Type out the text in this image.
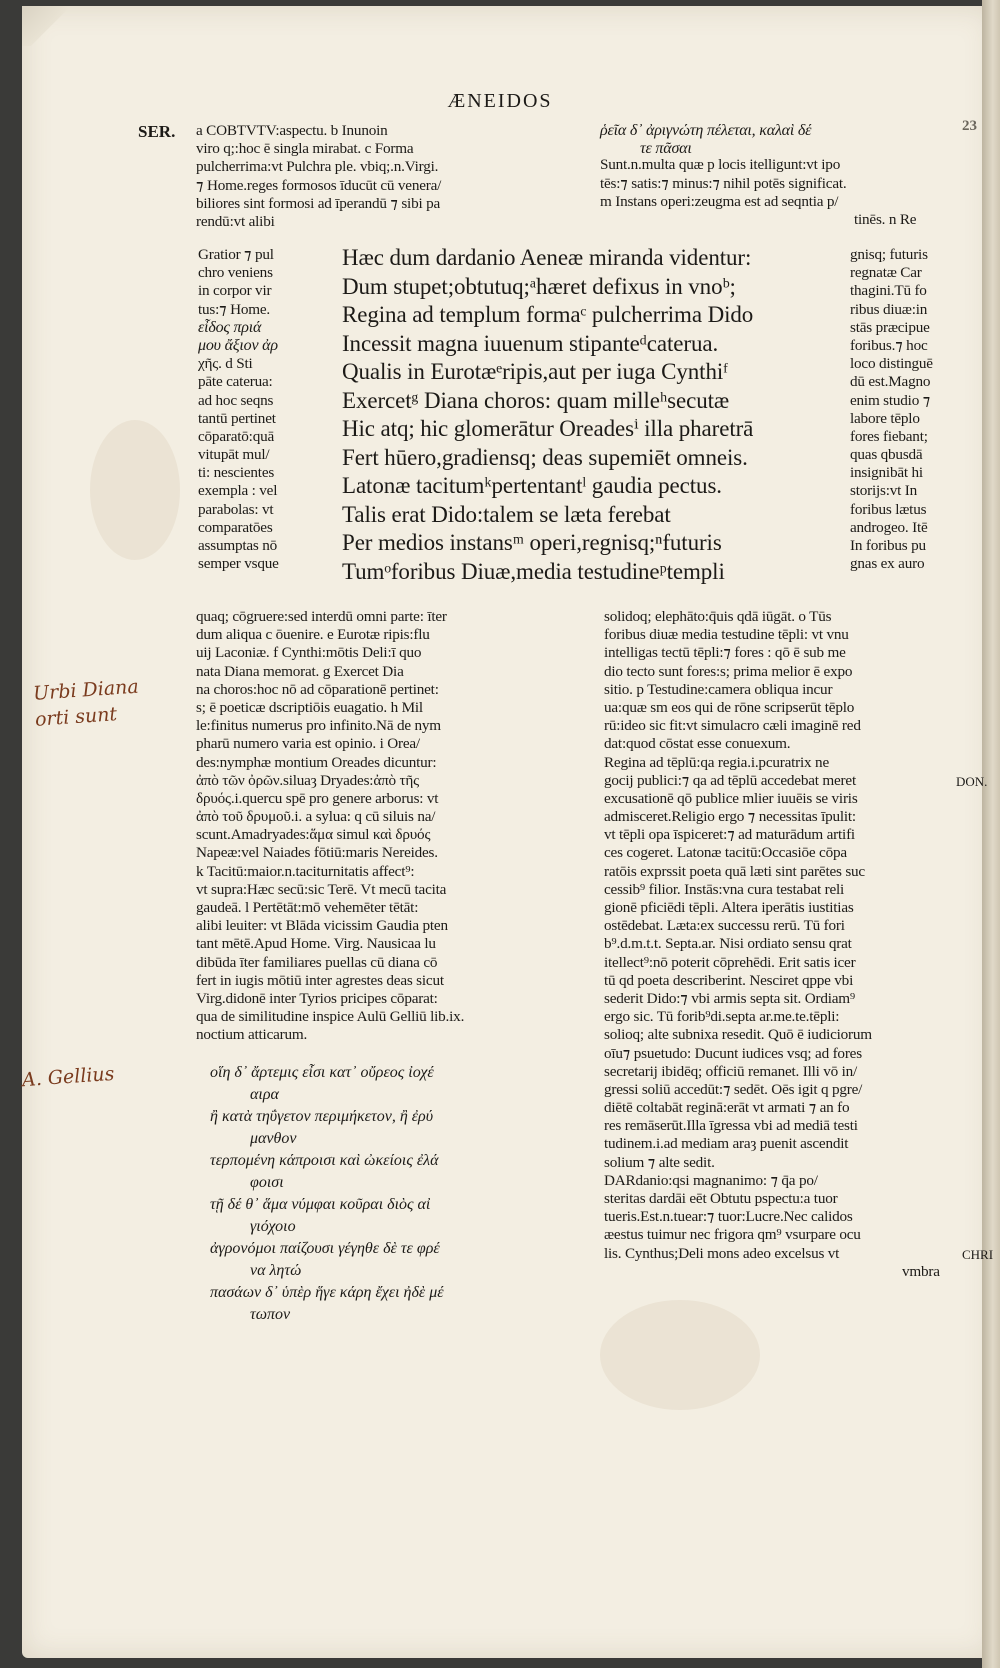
ÆNEIDOS
SER.	23
a COBTVTV:aspectu. b Inunoin
viro q;:hoc ē singla mirabat. c Forma
pulcherrima:vt Pulchra ple. vbiq;.n.Virgi.
⁊ Home.reges formosos īducūt cū venera/
biliores sint formosi ad īperandū ⁊ sibi pa
rendū:vt alibi
ῥεῖα δ᾽ ἀριγνώτη πέλεται, καλαὶ δέ
τε πᾶσαι
Sunt.n.multa quæ p locis itelligunt:vt ipo
tēs:⁊ satis:⁊ minus:⁊ nihil potēs significat.
m Instans operi:zeugma est ad seqntia p/
tinēs. n Re
Gratior ⁊ pul
chro veniens
in corpor vir
tus:⁊ Home.
εἶδος πριά
μου ἄξιον ἀρ
χῆς. d Sti
pāte caterua:
ad hoc seqns
tantū pertinet
cōparatō:quā
vitupāt mul/
ti: nescientes
exempla : vel
parabolas: vt
comparatōes
assumptas nō
semper vsque
Hæc dum dardanio Aeneæ miranda videntur:
Dum stupet;obtutuq;ᵃhæret defixus in vnoᵇ;
Regina ad templum formaᶜ pulcherrima Dido
Incessit magna iuuenum stipanteᵈcaterua.
Qualis in Eurotæᵉripis,aut per iuga Cynthiᶠ
Exercetᵍ Diana choros: quam milleʰsecutæ
Hic atq; hic glomerātur Oreadesⁱ illa pharetrā
Fert hūero,gradiensq; deas supemiēt omneis.
Latonæ tacitumᵏpertentantˡ gaudia pectus.
Talis erat Dido:talem se læta ferebat
Per medios instansᵐ operi,regnisq;ⁿfuturis
Tumᵒforibus Diuæ,media testudineᵖtempli
gnisq; futuris
regnatæ Car
thagini.Tū fo
ribus diuæ:in
stās præcipue
foribus.⁊ hoc
loco distinguē
dū est.Magno
enim studio ⁊
labore tēplo
fores fiebant;
quas qbusdā
insignibāt hi
storijs:vt In
foribus lætus
androgeo. Itē
In foribus pu
gnas ex auro
quaq; cōgruere:sed interdū omni parte: īter
dum aliqua c ōuenire. e Eurotæ ripis:flu
uij Laconiæ. f Cynthi:mōtis Deli:ī quo
nata Diana memorat. g Exercet Dia
na choros:hoc nō ad cōparationē pertinet:
s; ē poeticæ dscriptiōis euagatio. h Mil
le:finitus numerus pro infinito.Nā de nym
pharū numero varia est opinio. i Orea/
des:nymphæ montium Oreades dicuntur:
ἀπὸ τῶν ὀρῶν.siluaȝ Dryades:ἀπὸ τῆς
δρυός.i.quercu spē pro genere arborus: vt
ἀπὸ τοῦ δρυμοῦ.i. a sylua: q cū siluis na/
scunt.Amadryades:ἅμα simul καὶ δρυός
Napeæ:vel Naiades fōtiū:maris Nereides.
k Tacitū:maior.n.taciturnitatis affect⁹:
vt supra:Hæc secū:sic Terē. Vt mecū tacita
gaudeā. l Pertētāt:mō vehemēter tētāt:
alibi leuiter: vt Blāda vicissim Gaudia pten
tant mētē.Apud Home. Virg. Nausicaa lu
dibūda īter familiares puellas cū diana cō
fert in iugis mōtiū inter agrestes deas sicut
Virg.didonē inter Tyrios pricipes cōparat:
qua de similitudine inspice Aulū Gelliū lib.ix.
noctium atticarum.
οἵη δ᾽ ἄρτεμις εἶσι κατ᾽ οὔρεος ἰοχέ
αιρα
ἢ κατὰ τηΰγετον περιμήκετον, ἢ ἐρύ
μανθον
τερπομένη κάπροισι καὶ ὠκείοις ἐλά
φοισι
τῇ δέ θ᾽ ἅμα νύμφαι κοῦραι διὸς αἰ
γιόχοιο
ἀγρονόμοι παίζουσι γέγηθε δὲ τε φρέ
να λητώ
πασάων δ᾽ ὑπὲρ ἥγε κάρη ἔχει ἠδὲ μέ
τωπον
solidoq; elephāto:q̄uis qdā iūgāt. o Tūs
foribus diuæ media testudine tēpli: vt vnu
intelligas tectū tēpli:⁊ fores : qō ē sub me
dio tecto sunt fores:s; prima melior ē expo
sitio. p Testudine:camera obliqua incur
ua:quæ sm eos qui de rōne scripserūt tēplo
rū:ideo sic fit:vt simulacro cæli imaginē red
dat:quod cōstat esse conuexum.
Regina ad tēplū:qa regia.i.pcuratrix ne
gocij publici:⁊ qa ad tēplū accedebat meret
excusationē qō publice mlier iuuēis se viris
admisceret.Religio ergo ⁊ necessitas īpulit:
vt tēpli opa īspiceret:⁊ ad maturādum artifi
ces cogeret. Latonæ tacitū:Occasiōe cōpa
ratōis exprssit poeta quā læti sint parētes suc
cessib⁹ filior. Instās:vna cura testabat reli
gionē pficiēdi tēpli. Altera iperātis iustitias
ostēdebat. Læta:ex successu rerū. Tū fori
b⁹.d.m.t.t. Septa.ar. Nisi ordiato sensu qrat
itellect⁹:nō poterit cōprehēdi. Erit satis icer
tū qd poeta describerint. Nesciret qppe vbi
sederit Dido:⁊ vbi armis septa sit. Ordiam⁹
ergo sic. Tū forib⁹di.septa ar.me.te.tēpli:
solioq; alte subnixa resedit. Quō ē iudiciorum
oīu⁊ psuetudo: Ducunt iudices vsq; ad fores
secretarij ibidēq; officiū remanet. Illi vō in/
gressi soliū accedūt:⁊ sedēt. Oēs igit q pgre/
diētē coltabāt reginā:erāt vt armati ⁊ an fo
res remāserūt.Illa īgressa vbi ad mediā testi
tudinem.i.ad mediam araȝ puenit ascendit
solium ⁊ alte sedit.
DARdanio:qsi magnanimo: ⁊ q̄a po/
steritas dardāi eēt Obtutu pspectu:a tuor
tueris.Est.n.tuear:⁊ tuor:Lucre.Nec calidos
æestus tuimur nec frigora qm⁹ vsurpare ocu
lis. Cynthus;Deli mons adeo excelsus vt
vmbra
DON.
CHRI
Urbi Diana orti sunt
A. Gellius
